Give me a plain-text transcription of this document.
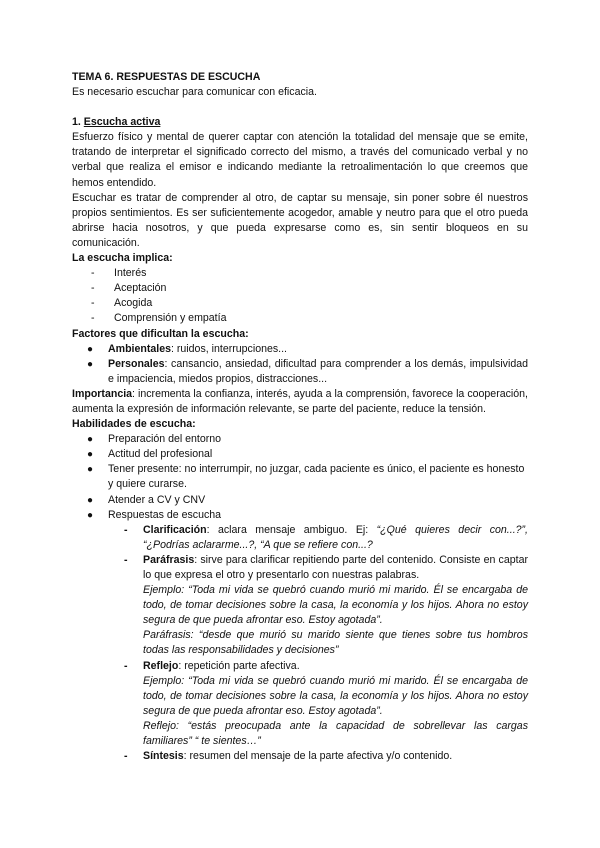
TEMA 6. RESPUESTAS DE ESCUCHA

Es necesario escuchar para comunicar con eficacia.

1. Escucha activa

Esfuerzo físico y mental de querer captar con atención la totalidad del mensaje que se emite, tratando de interpretar el significado correcto del mismo, a través del comunicado verbal y no verbal que realiza el emisor e indicando mediante la retroalimentación lo que creemos que hemos entendido.

Escuchar es tratar de comprender al otro, de captar su mensaje, sin poner sobre él nuestros propios sentimientos. Es ser suficientemente acogedor, amable y neutro para que el otro pueda abrirse hacia nosotros, y que pueda expresarse como es, sin sentir bloqueos en su comunicación.

La escucha implica:

- Interés
- Aceptación
- Acogida
- Comprensión y empatía

Factores que dificultan la escucha:

● Ambientales: ruidos, interrupciones...
● Personales: cansancio, ansiedad, dificultad para comprender a los demás, impulsividad e impaciencia, miedos propios, distracciones...

Importancia: incrementa la confianza, interés, ayuda a la comprensión, favorece la cooperación, aumenta la expresión de información relevante, se parte del paciente, reduce la tensión.

Habilidades de escucha:

● Preparación del entorno
● Actitud del profesional
● Tener presente: no interrumpir, no juzgar, cada paciente es único, el paciente es honesto y quiere curarse.
● Atender a CV y CNV
● Respuestas de escucha
- Clarificación: aclara mensaje ambiguo. Ej: “¿Qué quieres decir con...?”, “¿Podrías aclararme...?, “A que se refiere con...?
- Paráfrasis: sirve para clarificar repitiendo parte del contenido. Consiste en captar lo que expresa el otro y presentarlo con nuestras palabras.

Ejemplo: “Toda mi vida se quebró cuando murió mi marido. Él se encargaba de todo, de tomar decisiones sobre la casa, la economía y los hijos. Ahora no estoy segura de que pueda afrontar eso. Estoy agotada”.

Paráfrasis: “desde que murió su marido siente que tienes sobre tus hombros todas las responsabilidades y decisiones”

- Reflejo: repetición parte afectiva.

Ejemplo: “Toda mi vida se quebró cuando murió mi marido. Él se encargaba de todo, de tomar decisiones sobre la casa, la economía y los hijos. Ahora no estoy segura de que pueda afrontar eso. Estoy agotada”.

Reflejo: “estás preocupada ante la capacidad de sobrellevar las cargas familiares” “ te sientes…”

- Síntesis: resumen del mensaje de la parte afectiva y/o contenido.
